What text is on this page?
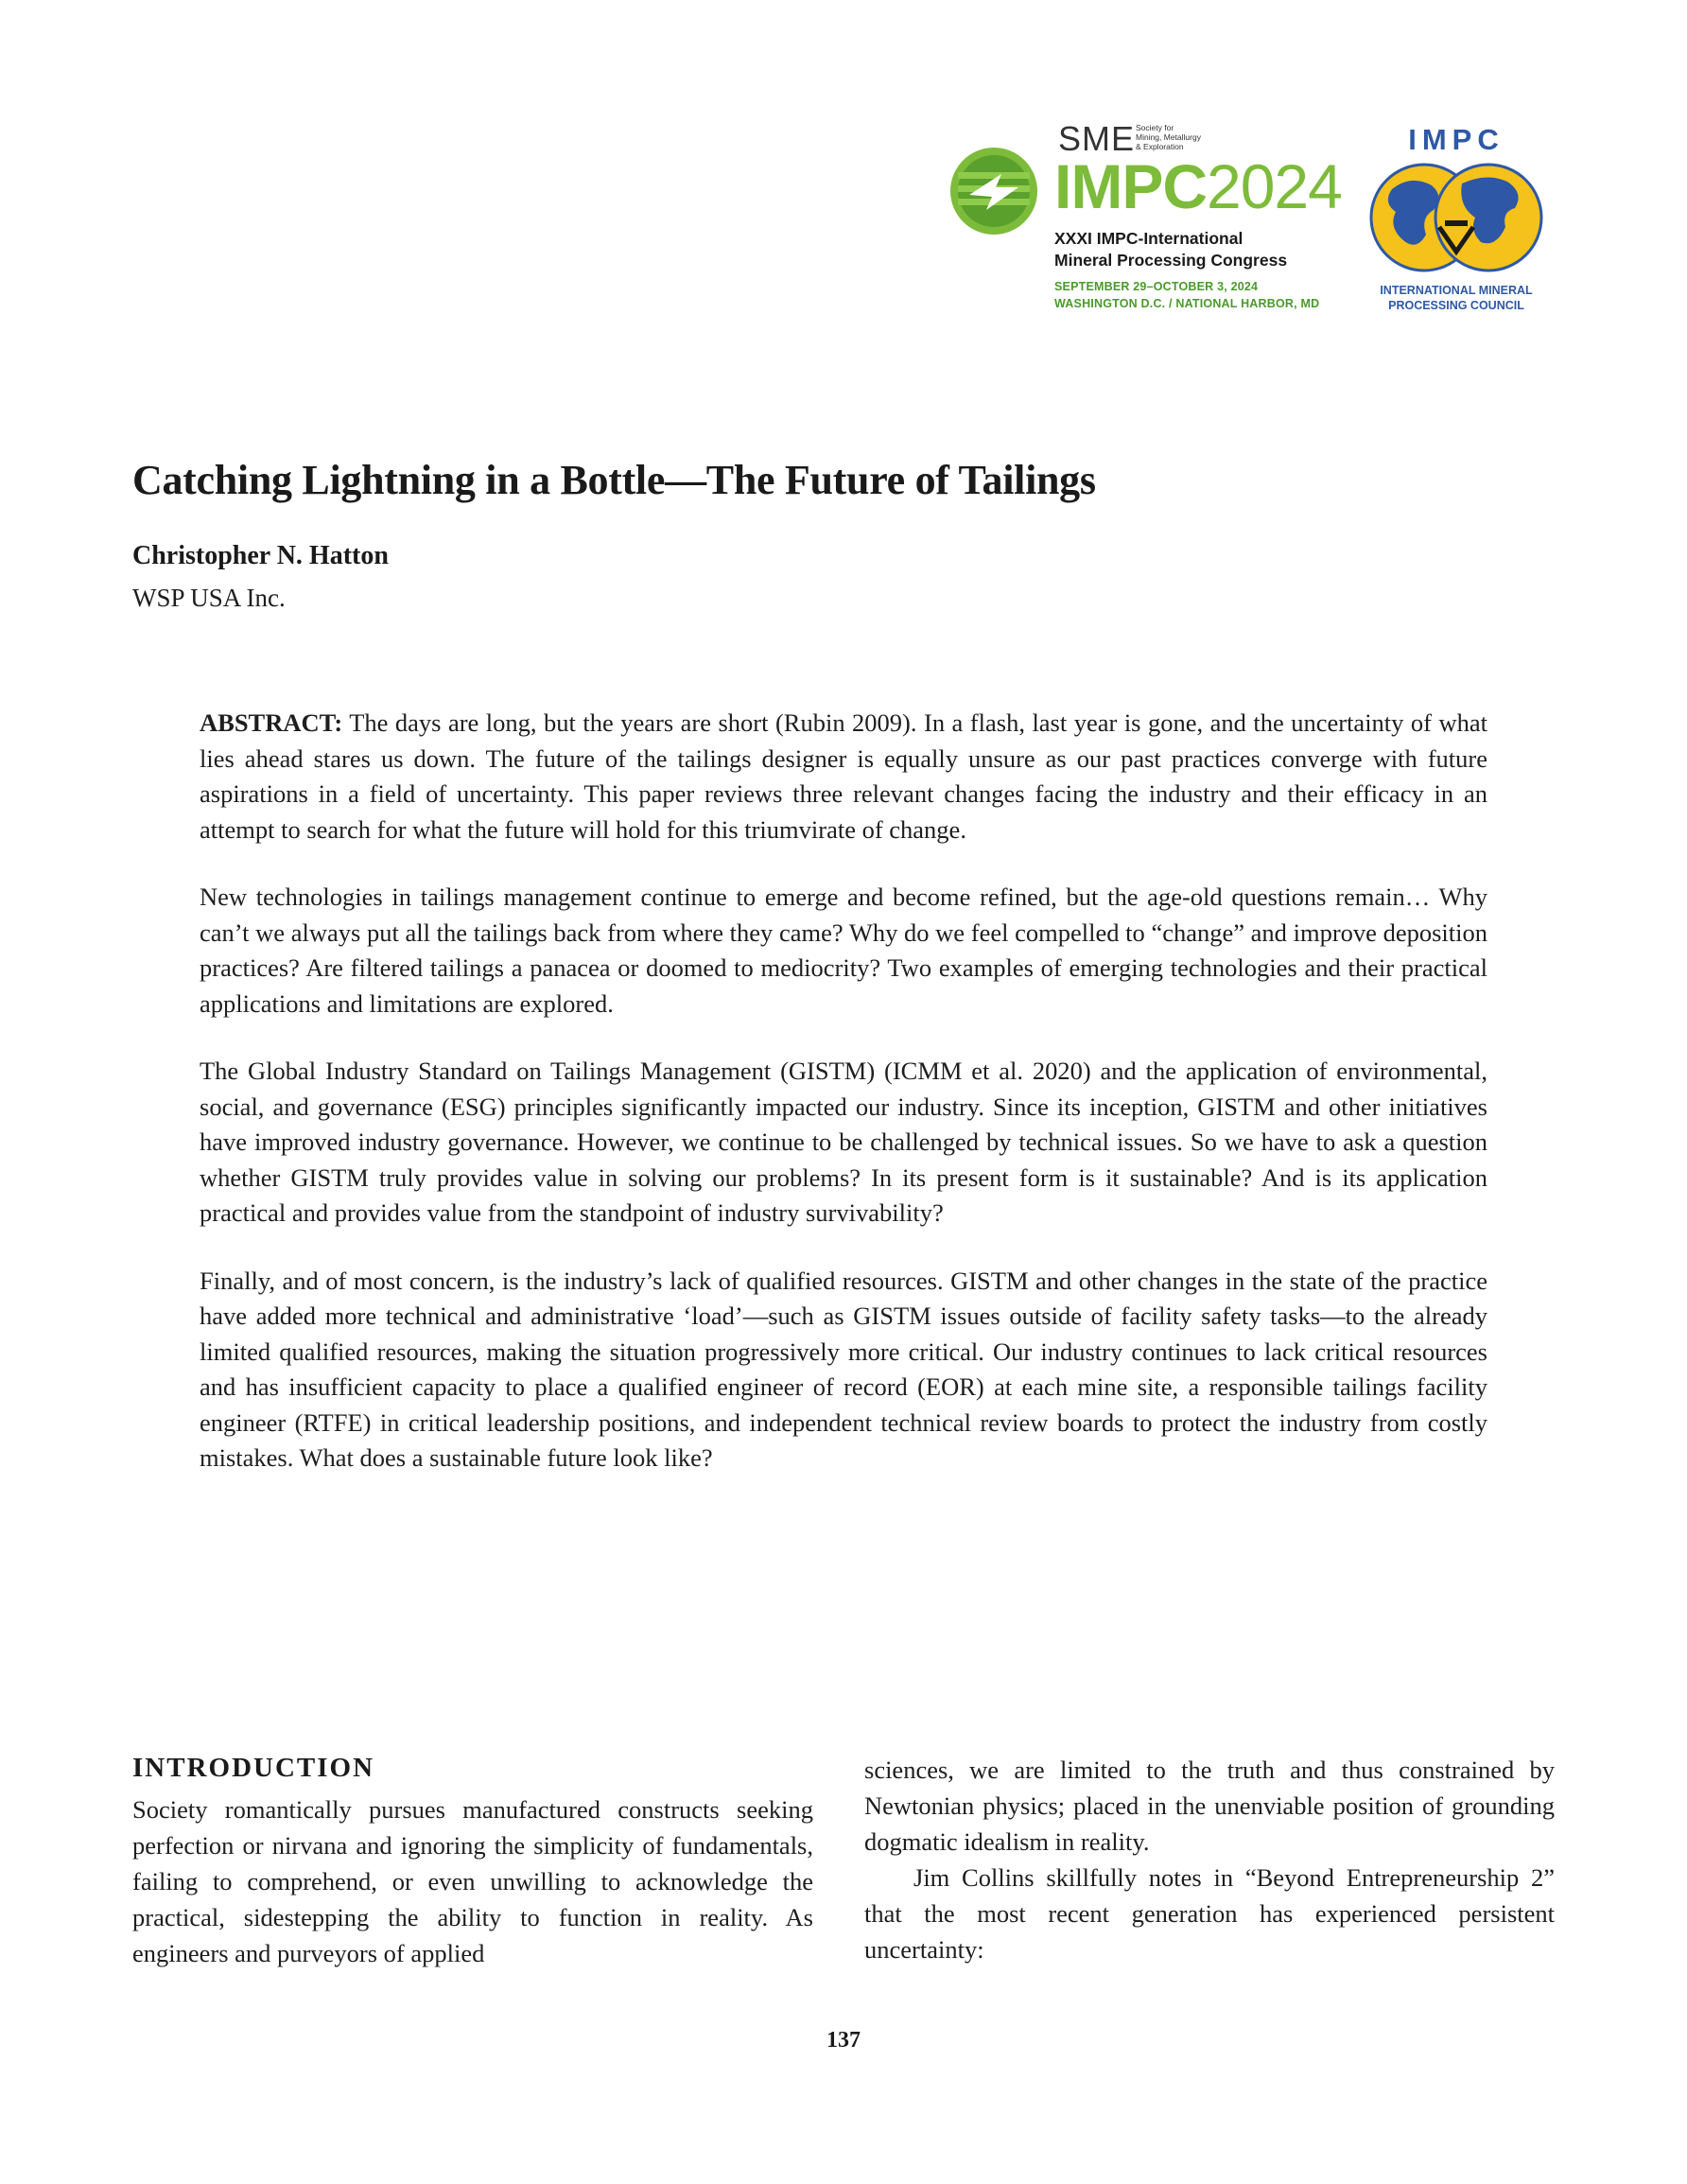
SME Society for
Mining, Metallurgy
& Exploration
IMPC2024
XXXI IMPC-International
Mineral Processing Congress
SEPTEMBER 29–OCTOBER 3, 2024
WASHINGTON D.C. / NATIONAL HARBOR, MD
IMPC
INTERNATIONAL MINERAL
PROCESSING COUNCIL
Catching Lightning in a Bottle—The Future of Tailings
Christopher N. Hatton
WSP USA Inc.

ABSTRACT: The days are long, but the years are short (Rubin 2009). In a flash, last year is gone, and the uncertainty of what lies ahead stares us down. The future of the tailings designer is equally unsure as our past practices converge with future aspirations in a field of uncertainty. This paper reviews three relevant changes facing the industry and their efficacy in an attempt to search for what the future will hold for this triumvirate of change.

New technologies in tailings management continue to emerge and become refined, but the age-old questions remain… Why can’t we always put all the tailings back from where they came? Why do we feel compelled to “change” and improve deposition practices? Are filtered tailings a panacea or doomed to mediocrity? Two examples of emerging technologies and their practical applications and limitations are explored.

The Global Industry Standard on Tailings Management (GISTM) (ICMM et al. 2020) and the application of environmental, social, and governance (ESG) principles significantly impacted our industry. Since its inception, GISTM and other initiatives have improved industry governance. However, we continue to be challenged by technical issues. So we have to ask a question whether GISTM truly provides value in solving our problems? In its present form is it sustainable? And is its application practical and provides value from the standpoint of industry survivability?

Finally, and of most concern, is the industry’s lack of qualified resources. GISTM and other changes in the state of the practice have added more technical and administrative ‘load’—such as GISTM issues outside of facility safety tasks—to the already limited qualified resources, making the situation progressively more critical. Our industry continues to lack critical resources and has insufficient capacity to place a qualified engineer of record (EOR) at each mine site, a responsible tailings facility engineer (RTFE) in critical leadership positions, and independent technical review boards to protect the industry from costly mistakes. What does a sustainable future look like?

INTRODUCTION

Society romantically pursues manufactured constructs seeking perfection or nirvana and ignoring the simplicity of fundamentals, failing to comprehend, or even unwilling to acknowledge the practical, sidestepping the ability to function in reality. As engineers and purveyors of applied

sciences, we are limited to the truth and thus constrained by Newtonian physics; placed in the unenviable position of grounding dogmatic idealism in reality.

Jim Collins skillfully notes in “Beyond Entrepreneurship 2” that the most recent generation has experienced persistent uncertainty:

137
